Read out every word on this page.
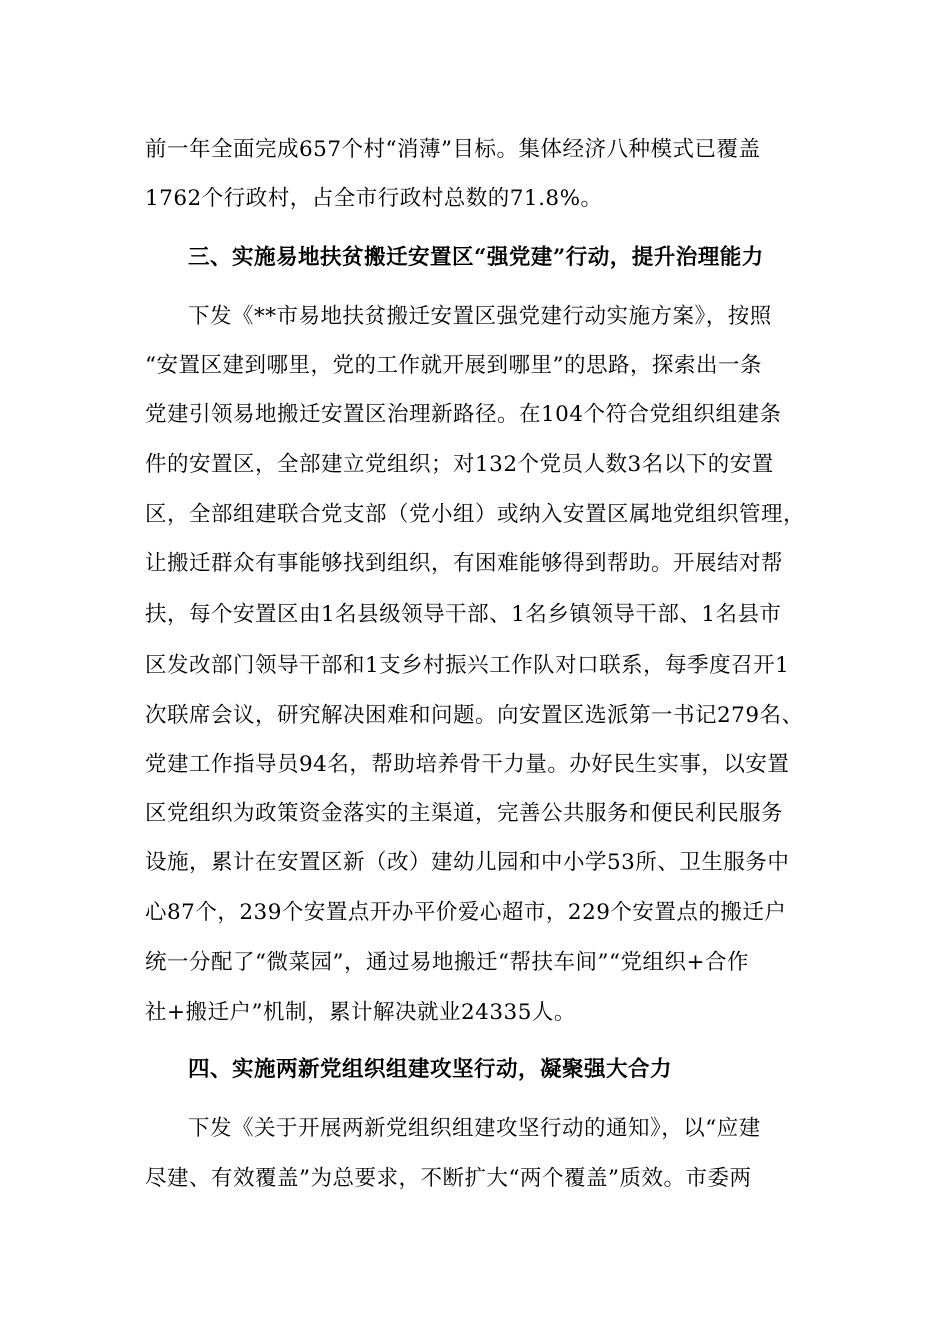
前一年全面完成657个村“消薄”目标。集体经济八种模式已覆盖
1762个行政村，占全市行政村总数的71.8%。
三、实施易地扶贫搬迁安置区“强党建”行动，提升治理能力
下发《**市易地扶贫搬迁安置区强党建行动实施方案》，按照
“安置区建到哪里，党的工作就开展到哪里”的思路，探索出一条
党建引领易地搬迁安置区治理新路径。在104个符合党组织组建条
件的安置区，全部建立党组织；对132个党员人数3名以下的安置
区，全部组建联合党支部（党小组）或纳入安置区属地党组织管理，
让搬迁群众有事能够找到组织，有困难能够得到帮助。开展结对帮
扶，每个安置区由1名县级领导干部、1名乡镇领导干部、1名县市
区发改部门领导干部和1支乡村振兴工作队对口联系，每季度召开1
次联席会议，研究解决困难和问题。向安置区选派第一书记279名、
党建工作指导员94名，帮助培养骨干力量。办好民生实事，以安置
区党组织为政策资金落实的主渠道，完善公共服务和便民利民服务
设施，累计在安置区新（改）建幼儿园和中小学53所、卫生服务中
心87个，239个安置点开办平价爱心超市，229个安置点的搬迁户
统一分配了“微菜园”，通过易地搬迁“帮扶车间”“党组织+合作
社+搬迁户”机制，累计解决就业24335人。
四、实施两新党组织组建攻坚行动，凝聚强大合力
下发《关于开展两新党组织组建攻坚行动的通知》，以“应建
尽建、有效覆盖”为总要求，不断扩大“两个覆盖”质效。市委两
